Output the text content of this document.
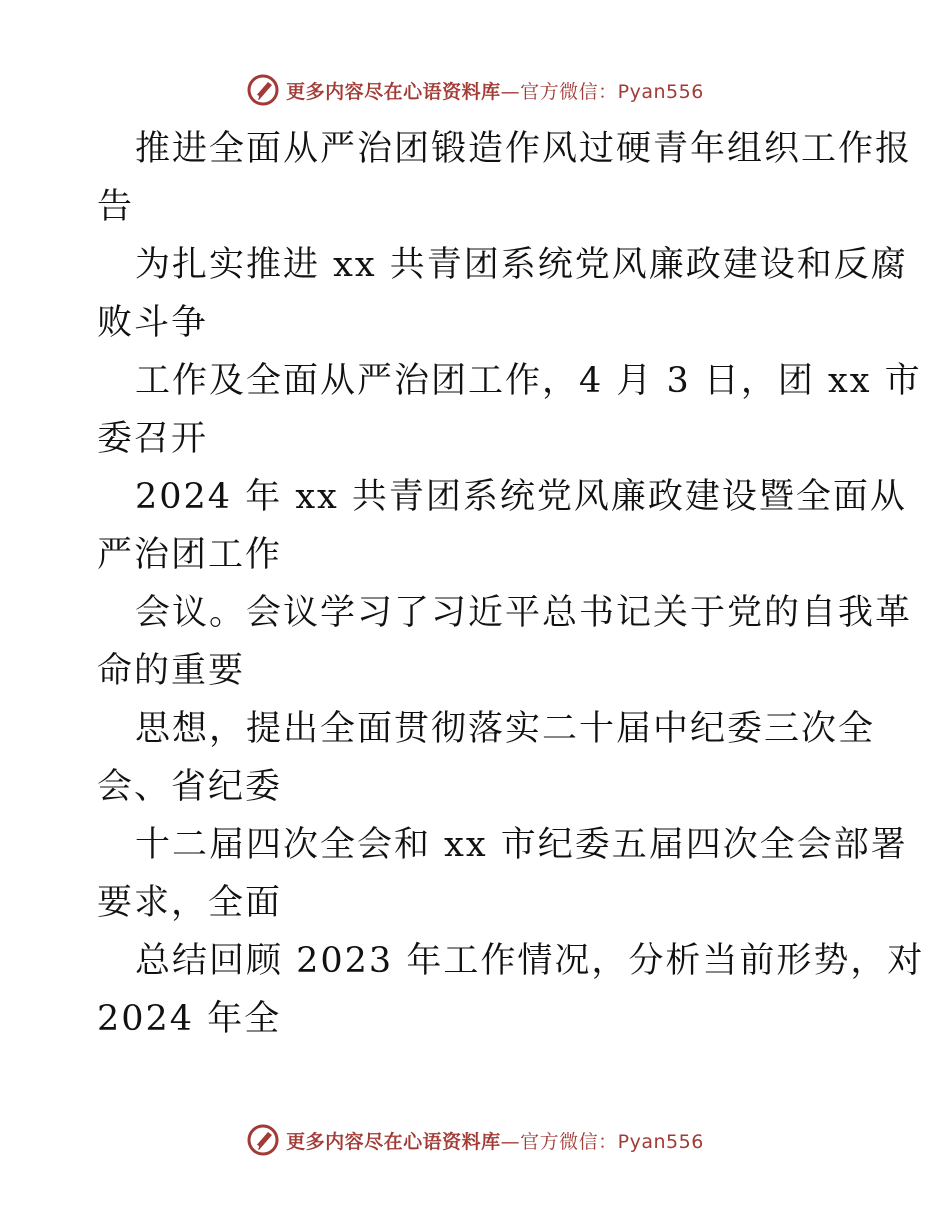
更多内容尽在心语资料库—官方微信：Pyan556
推进全面从严治团锻造作风过硬青年组织工作报
告
为扎实推进 xx 共青团系统党风廉政建设和反腐
败斗争
工作及全面从严治团工作，4 月 3 日，团 xx 市
委召开
2024 年 xx 共青团系统党风廉政建设暨全面从
严治团工作
会议。会议学习了习近平总书记关于党的自我革
命的重要
思想，提出全面贯彻落实二十届中纪委三次全
会、省纪委
十二届四次全会和 xx 市纪委五届四次全会部署
要求，全面
总结回顾 2023 年工作情况，分析当前形势，对
2024 年全
更多内容尽在心语资料库—官方微信：Pyan556
